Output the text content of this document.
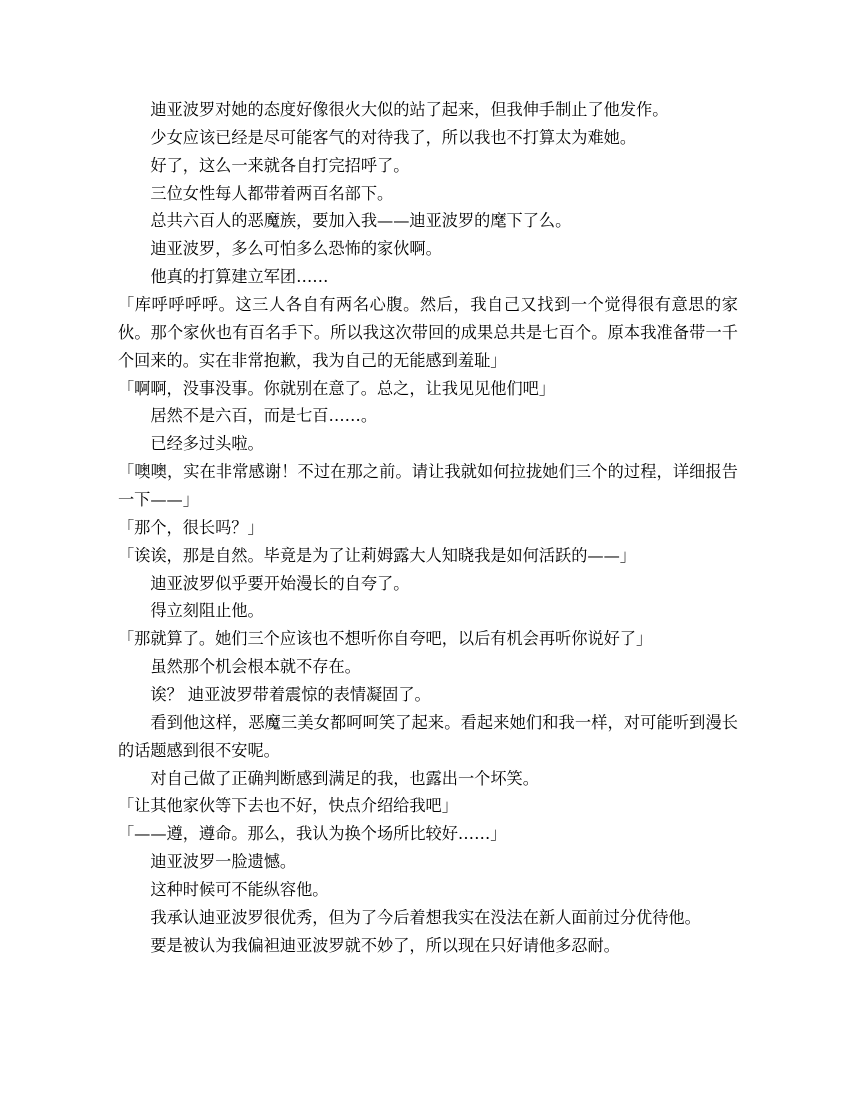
迪亚波罗对她的态度好像很火大似的站了起来，但我伸手制止了他发作。

少女应该已经是尽可能客气的对待我了，所以我也不打算太为难她。

好了，这么一来就各自打完招呼了。

三位女性每人都带着两百名部下。

总共六百人的恶魔族，要加入我——迪亚波罗的麾下了么。

迪亚波罗，多么可怕多么恐怖的家伙啊。

他真的打算建立军团……

「库呼呼呼呼。这三人各自有两名心腹。然后，我自己又找到一个觉得很有意思的家伙。那个家伙也有百名手下。所以我这次带回的成果总共是七百个。原本我准备带一千个回来的。实在非常抱歉，我为自己的无能感到羞耻」

「啊啊，没事没事。你就别在意了。总之，让我见见他们吧」

居然不是六百，而是七百……。

已经多过头啦。

「噢噢，实在非常感谢！不过在那之前。请让我就如何拉拢她们三个的过程，详细报告一下——」

「那个，很长吗？」

「诶诶，那是自然。毕竟是为了让莉姆露大人知晓我是如何活跃的——」

迪亚波罗似乎要开始漫长的自夸了。

得立刻阻止他。

「那就算了。她们三个应该也不想听你自夸吧，以后有机会再听你说好了」

虽然那个机会根本就不存在。

诶？ 迪亚波罗带着震惊的表情凝固了。

看到他这样，恶魔三美女都呵呵笑了起来。看起来她们和我一样，对可能听到漫长的话题感到很不安呢。

对自己做了正确判断感到满足的我，也露出一个坏笑。

「让其他家伙等下去也不好，快点介绍给我吧」

「——遵，遵命。那么，我认为换个场所比较好……」

迪亚波罗一脸遗憾。

这种时候可不能纵容他。

我承认迪亚波罗很优秀，但为了今后着想我实在没法在新人面前过分优待他。

要是被认为我偏袒迪亚波罗就不妙了，所以现在只好请他多忍耐。
